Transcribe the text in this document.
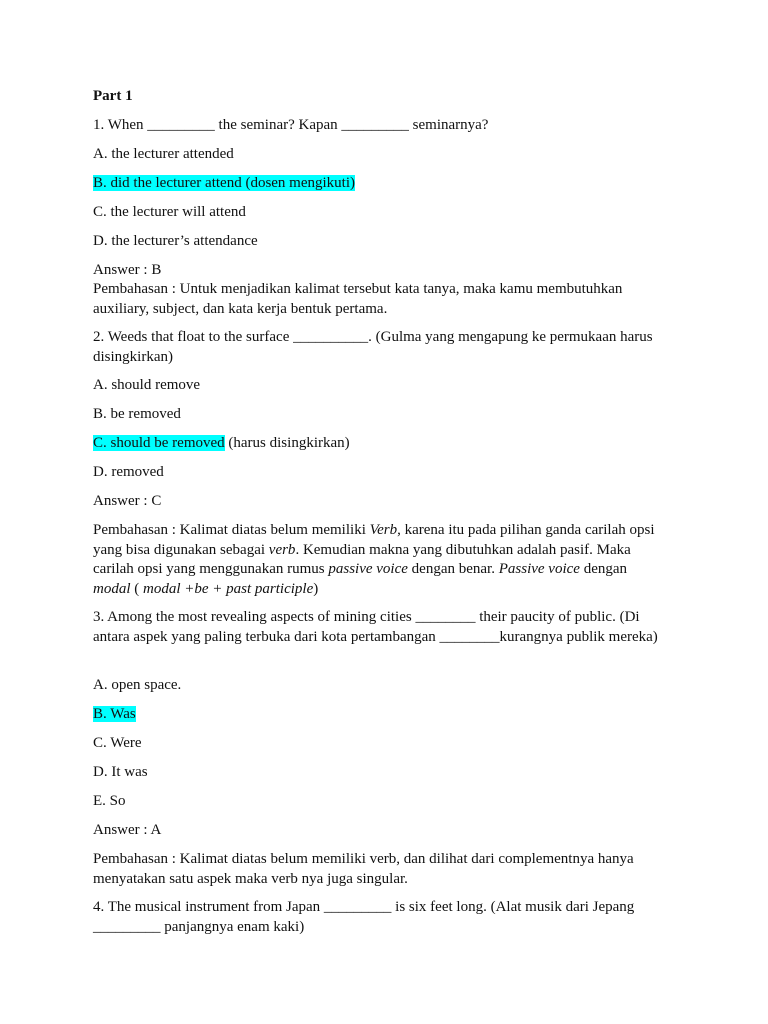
Part 1
1. When _________ the seminar? Kapan _________ seminarnya?
A. the lecturer attended
B. did the lecturer attend (dosen mengikuti)
C. the lecturer will attend
D. the lecturer’s attendance
Answer : B
Pembahasan : Untuk menjadikan kalimat tersebut kata tanya, maka kamu membutuhkan auxiliary, subject, dan kata kerja bentuk pertama.
2. Weeds that float to the surface __________. (Gulma yang mengapung ke permukaan harus disingkirkan)
A. should remove
B. be removed
C. should be removed (harus disingkirkan)
D. removed
Answer : C
Pembahasan : Kalimat diatas belum memiliki Verb, karena itu pada pilihan ganda carilah opsi yang bisa digunakan sebagai verb. Kemudian makna yang dibutuhkan adalah pasif. Maka carilah opsi yang menggunakan rumus passive voice dengan benar. Passive voice dengan modal ( modal +be + past participle)
3. Among the most revealing aspects of mining cities ________ their paucity of public. (Di antara aspek yang paling terbuka dari kota pertambangan ________kurangnya publik mereka)
A. open space.
B. Was
C. Were
D. It was
E. So
Answer : A
Pembahasan : Kalimat diatas belum memiliki verb, dan dilihat dari complementnya hanya menyatakan satu aspek maka verb nya juga singular.
4. The musical instrument from Japan _________ is six feet long. (Alat musik dari Jepang _________ panjangnya enam kaki)
